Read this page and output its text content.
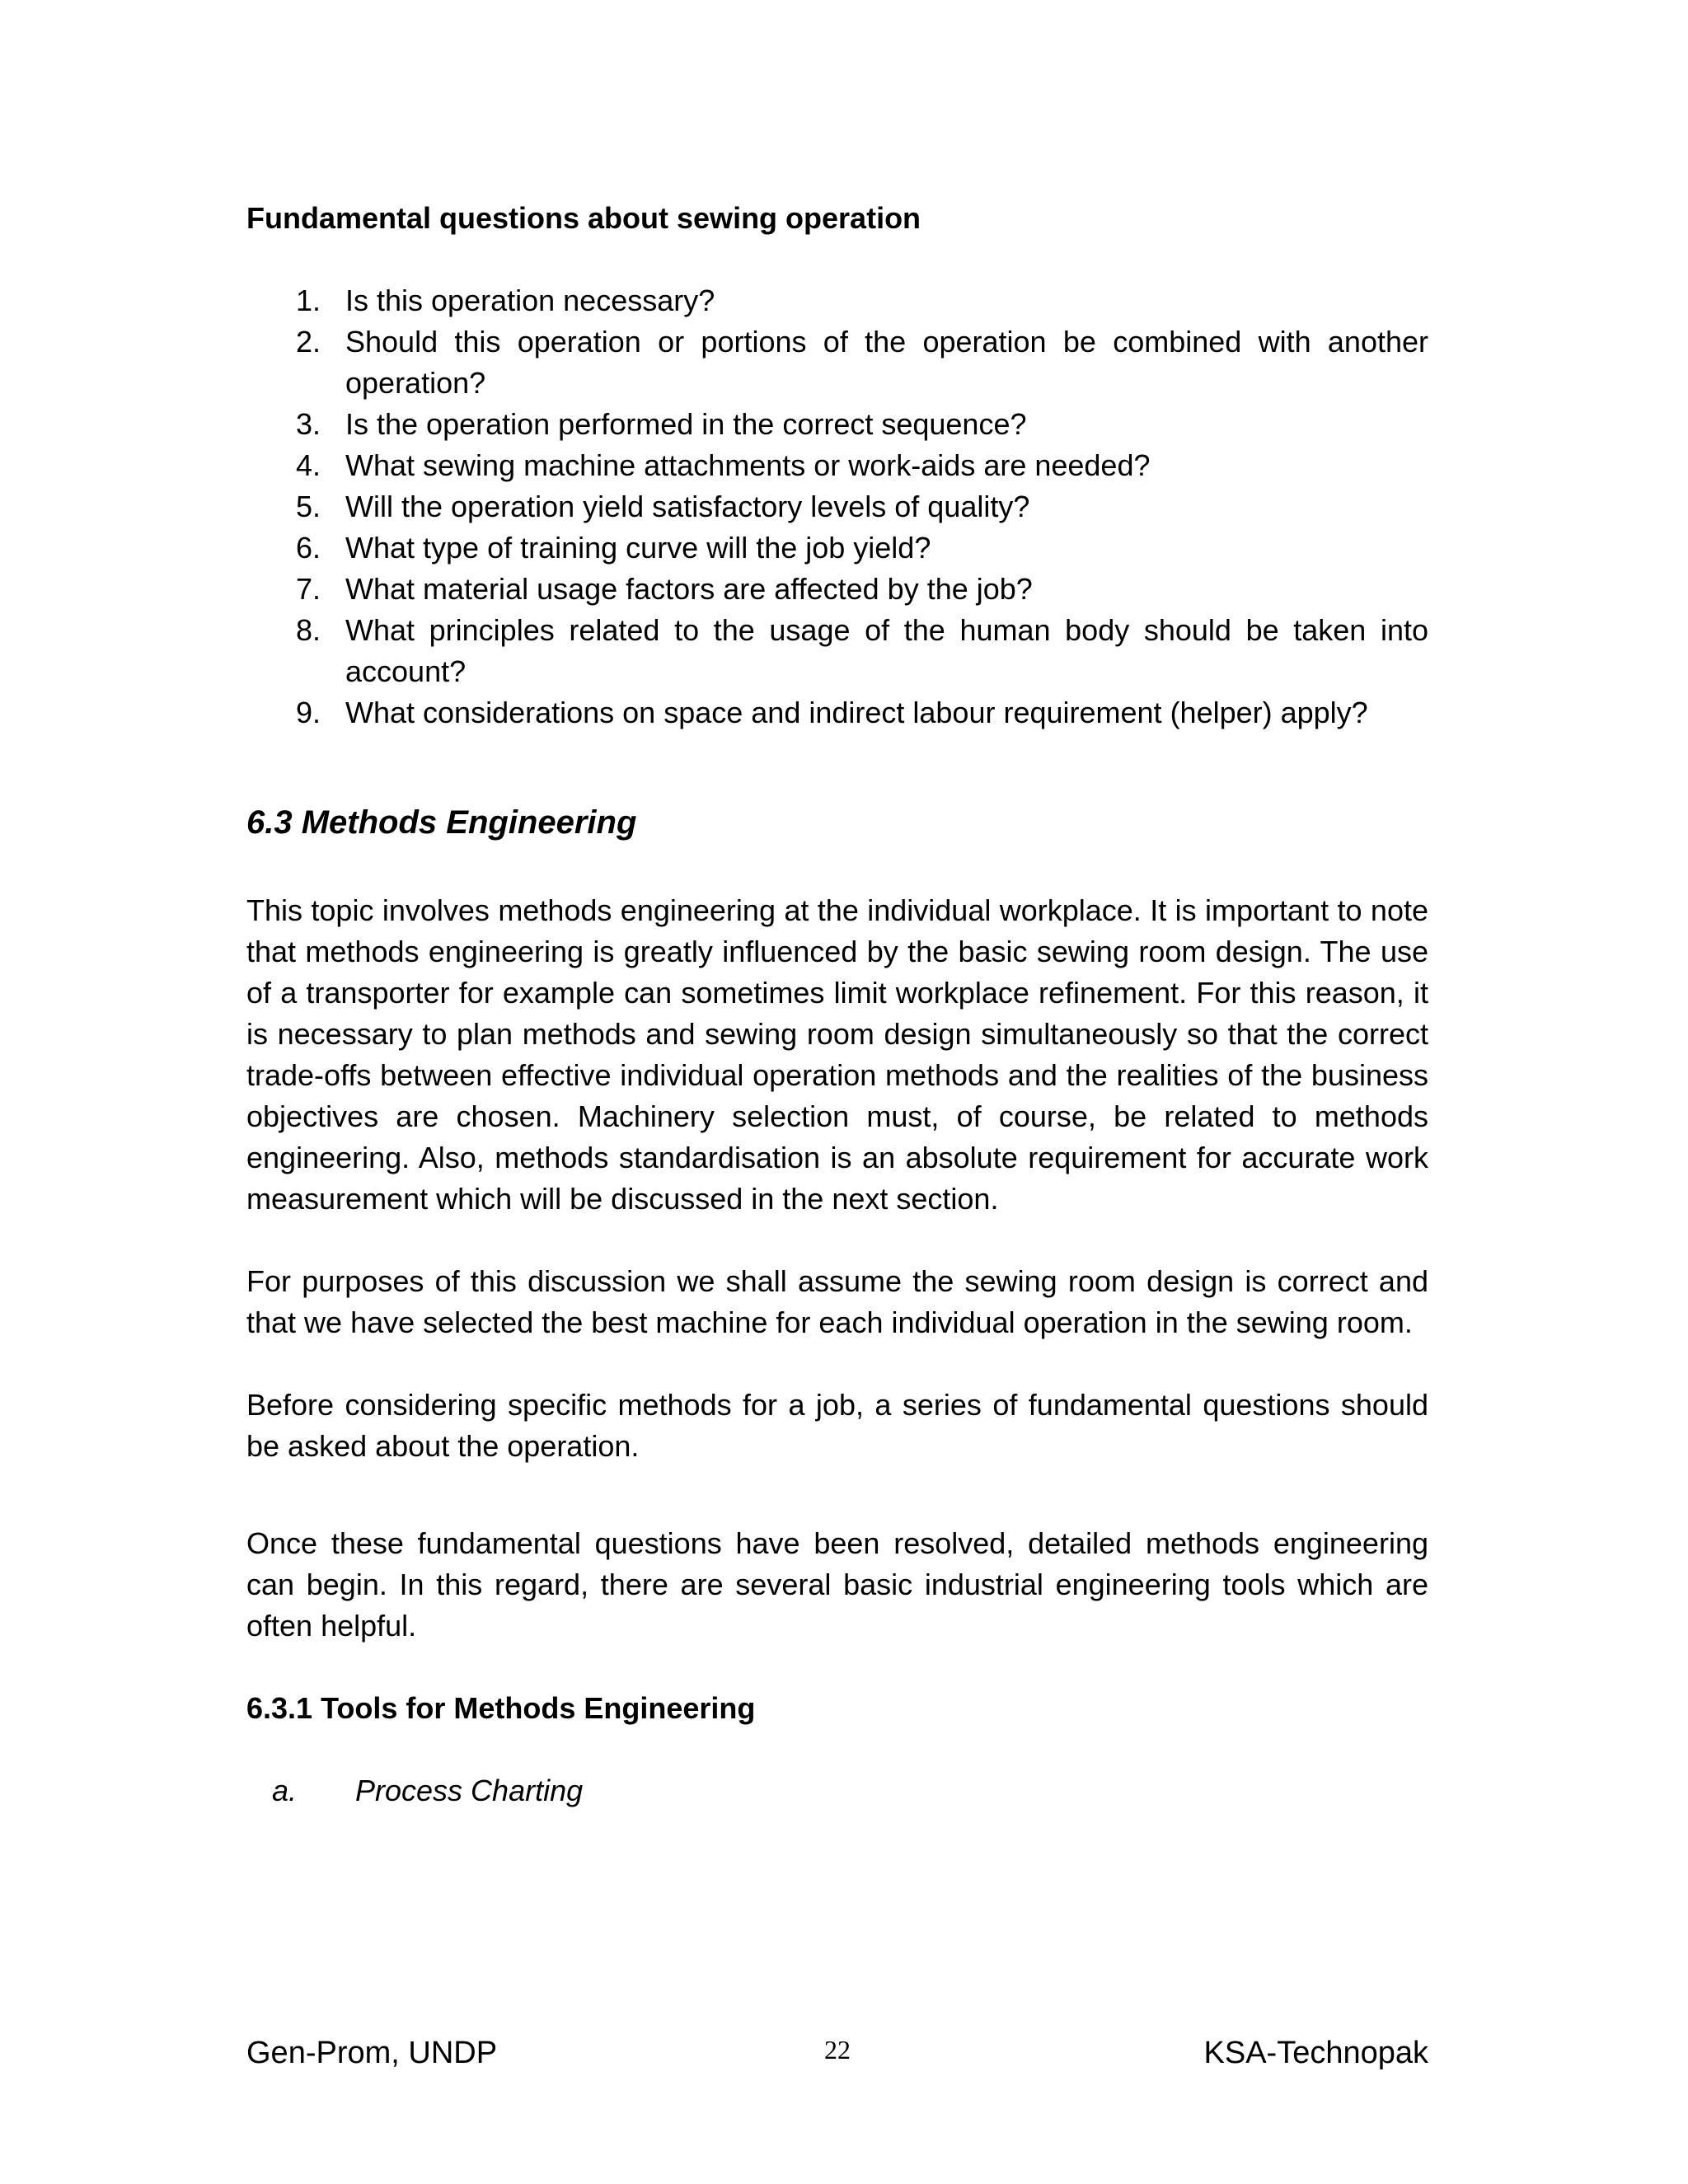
Fundamental questions about sewing operation

1. Is this operation necessary?
2. Should this operation or portions of the operation be combined with another operation?
3. Is the operation performed in the correct sequence?
4. What sewing machine attachments or work-aids are needed?
5. Will the operation yield satisfactory levels of quality?
6. What type of training curve will the job yield?
7. What material usage factors are affected by the job?
8. What principles related to the usage of the human body should be taken into account?
9. What considerations on space and indirect labour requirement (helper) apply?
6.3 Methods Engineering

This topic involves methods engineering at the individual workplace. It is important to note that methods engineering is greatly influenced by the basic sewing room design. The use of a transporter for example can sometimes limit workplace refinement. For this reason, it is necessary to plan methods and sewing room design simultaneously so that the correct trade-offs between effective individual operation methods and the realities of the business objectives are chosen. Machinery selection must, of course, be related to methods engineering. Also, methods standardisation is an absolute requirement for accurate work measurement which will be discussed in the next section.

For purposes of this discussion we shall assume the sewing room design is correct and that we have selected the best machine for each individual operation in the sewing room.

Before considering specific methods for a job, a series of fundamental questions should be asked about the operation.

Once these fundamental questions have been resolved, detailed methods engineering can begin. In this regard, there are several basic industrial engineering tools which are often helpful.

6.3.1 Tools for Methods Engineering

a.	Process Charting
Gen-Prom, UNDP	22	KSA-Technopak
